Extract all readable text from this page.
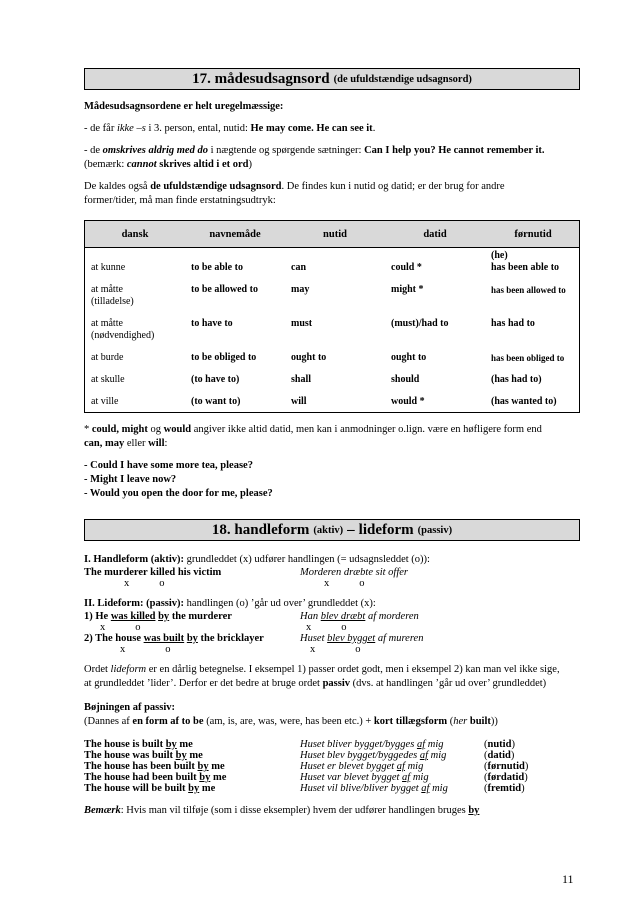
17. mådesudsagnsord (de ufuldstændige udsagnsord)

Mådesudsagnsordene er helt uregelmæssige:

- de får ikke –s i 3. person, ental, nutid: He may come. He can see it.

- de omskrives aldrig med do i nægtende og spørgende sætninger: Can I help you? He cannot remember it.

(bemærk: cannot skrives altid i et ord)

De kaldes også de ufuldstændige udsagnsord. De findes kun i nutid og datid; er der brug for andre

former/tider, må man finde erstatningsudtryk:

dansk	navnemåde	nutid	datid	førnutid
(he)
at kunne	to be able to	can	could *	has been able to
at måtte	to be allowed to	may	might *	has been allowed to
(tilladelse)
at måtte	to have to	must	(must)/had to	has had to
(nødvendighed)
at burde	to be obliged to	ought to	ought to	has been obliged to
at skulle	(to have to)	shall	should	(has had to)
at ville	(to want to)	will	would *	(has wanted to)

* could, might og would angiver ikke altid datid, men kan i anmodninger o.lign. være en høfligere form end

can, may eller will:

- Could I have some more tea, please?

- Might I leave now?

- Would you open the door for me, please?

18. handleform (aktiv) – lideform (passiv)

I. Handleform (aktiv): grundleddet (x) udfører handlingen (= udsagnsleddet (o)):

The murderer killed his victim	Morderen dræbte sit offer
x	o	x	o

II. Lideform: (passiv): handlingen (o) ’går ud over’ grundleddet (x):

1) He was killed by the murderer	Han blev dræbt af morderen
x	o	x	o
2) The house was built by the bricklayer	Huset blev bygget af mureren
x	o	x	o

Ordet lideform er en dårlig betegnelse. I eksempel 1) passer ordet godt, men i eksempel 2) kan man vel ikke sige,

at grundleddet ’lider’. Derfor er det bedre at bruge ordet passiv (dvs. at handlingen ’går ud over’ grundleddet)

Bøjningen af passiv:

(Dannes af en form af to be (am, is, are, was, were, has been etc.) + kort tillægsform (her built))

The house is built by me	Huset bliver bygget/bygges af mig	(nutid)
The house was built by me	Huset blev bygget/byggedes af mig	(datid)
The house has been built by me	Huset er blevet bygget af mig	(førnutid)
The house had been built by me	Huset var blevet bygget af mig	(førdatid)
The house will be built by me	Huset vil blive/bliver bygget af mig	(fremtid)

Bemærk: Hvis man vil tilføje (som i disse eksempler) hvem der udfører handlingen bruges by

11
